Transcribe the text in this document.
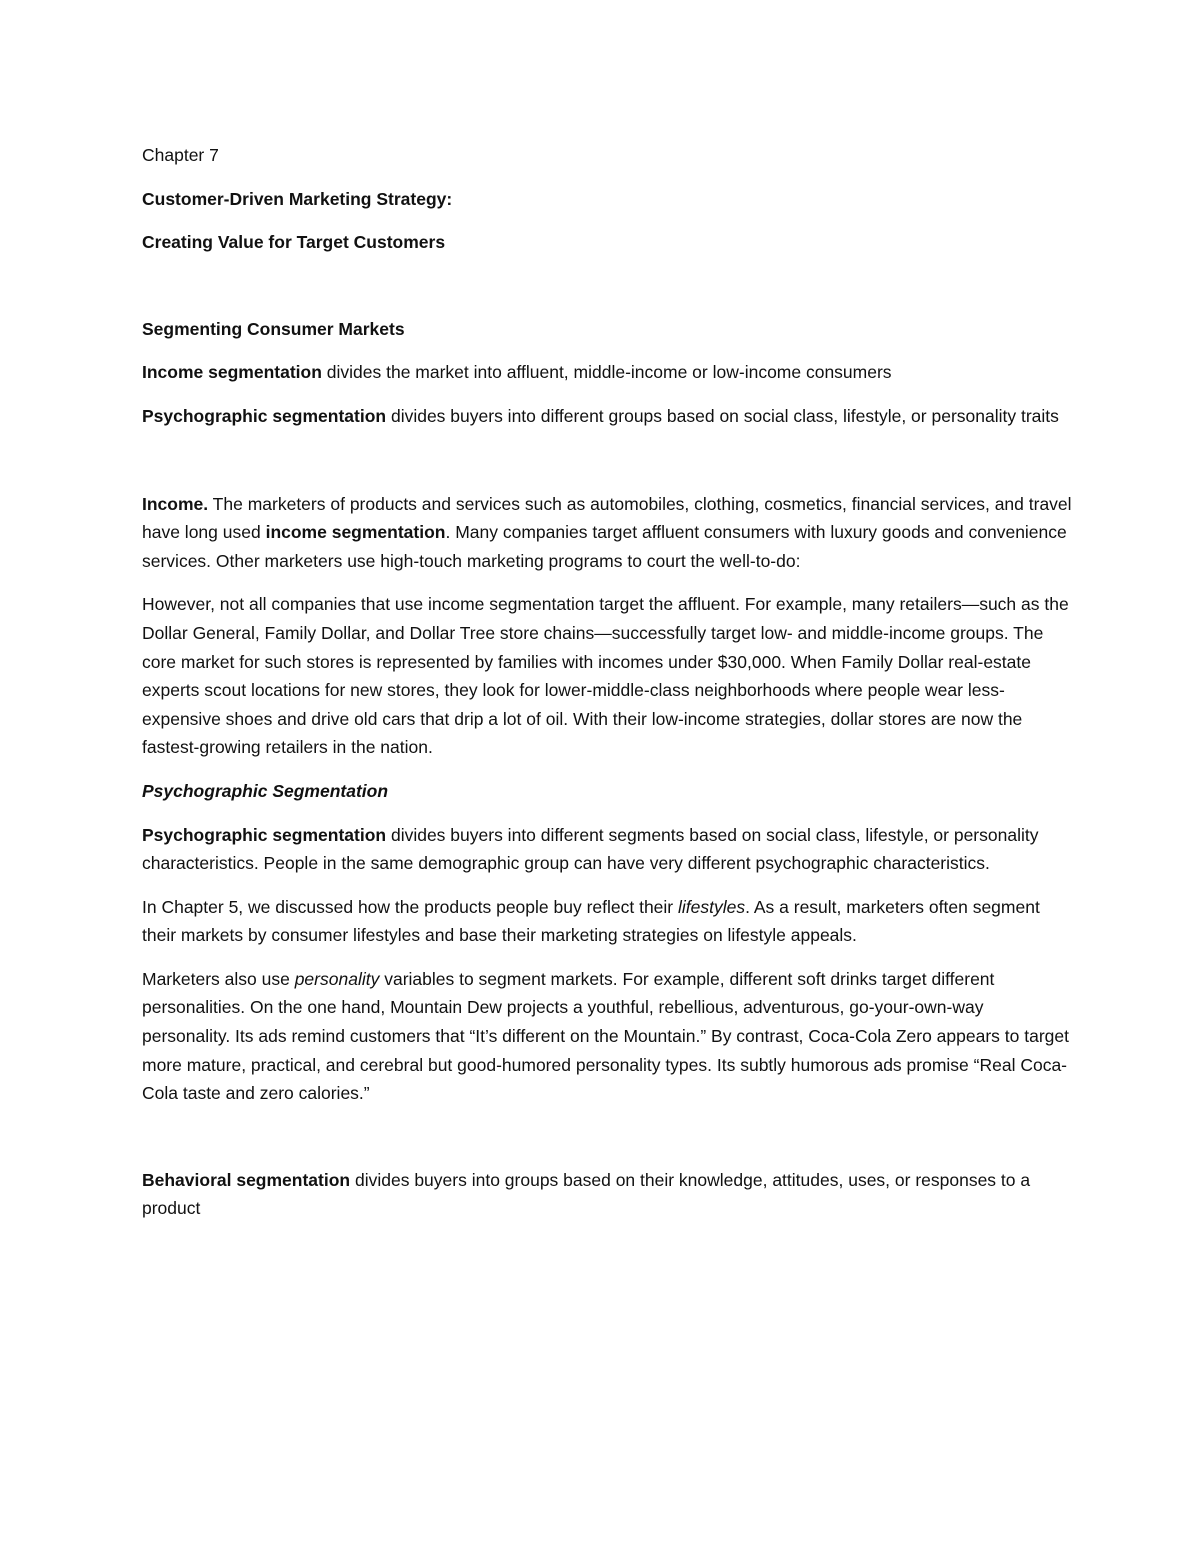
Chapter 7

Customer-Driven Marketing Strategy:

Creating Value for Target Customers

Segmenting Consumer Markets

Income segmentation divides the market into affluent, middle-income or low-income consumers

Psychographic segmentation divides buyers into different groups based on social class, lifestyle, or personality traits

Income. The marketers of products and services such as automobiles, clothing, cosmetics, financial services, and travel have long used income segmentation. Many companies target affluent consumers with luxury goods and convenience services. Other marketers use high-touch marketing programs to court the well-to-do:

However, not all companies that use income segmentation target the affluent. For example, many retailers—such as the Dollar General, Family Dollar, and Dollar Tree store chains—successfully target low- and middle-income groups. The core market for such stores is represented by families with incomes under $30,000. When Family Dollar real-estate experts scout locations for new stores, they look for lower-middle-class neighborhoods where people wear less-expensive shoes and drive old cars that drip a lot of oil. With their low-income strategies, dollar stores are now the fastest-growing retailers in the nation.

Psychographic Segmentation

Psychographic segmentation divides buyers into different segments based on social class, lifestyle, or personality characteristics. People in the same demographic group can have very different psychographic characteristics.

In Chapter 5, we discussed how the products people buy reflect their lifestyles. As a result, marketers often segment their markets by consumer lifestyles and base their marketing strategies on lifestyle appeals.

Marketers also use personality variables to segment markets. For example, different soft drinks target different personalities. On the one hand, Mountain Dew projects a youthful, rebellious, adventurous, go-your-own-way personality. Its ads remind customers that “It’s different on the Mountain.” By contrast, Coca-Cola Zero appears to target more mature, practical, and cerebral but good-humored personality types. Its subtly humorous ads promise “Real Coca-Cola taste and zero calories.”

Behavioral segmentation divides buyers into groups based on their knowledge, attitudes, uses, or responses to a product
